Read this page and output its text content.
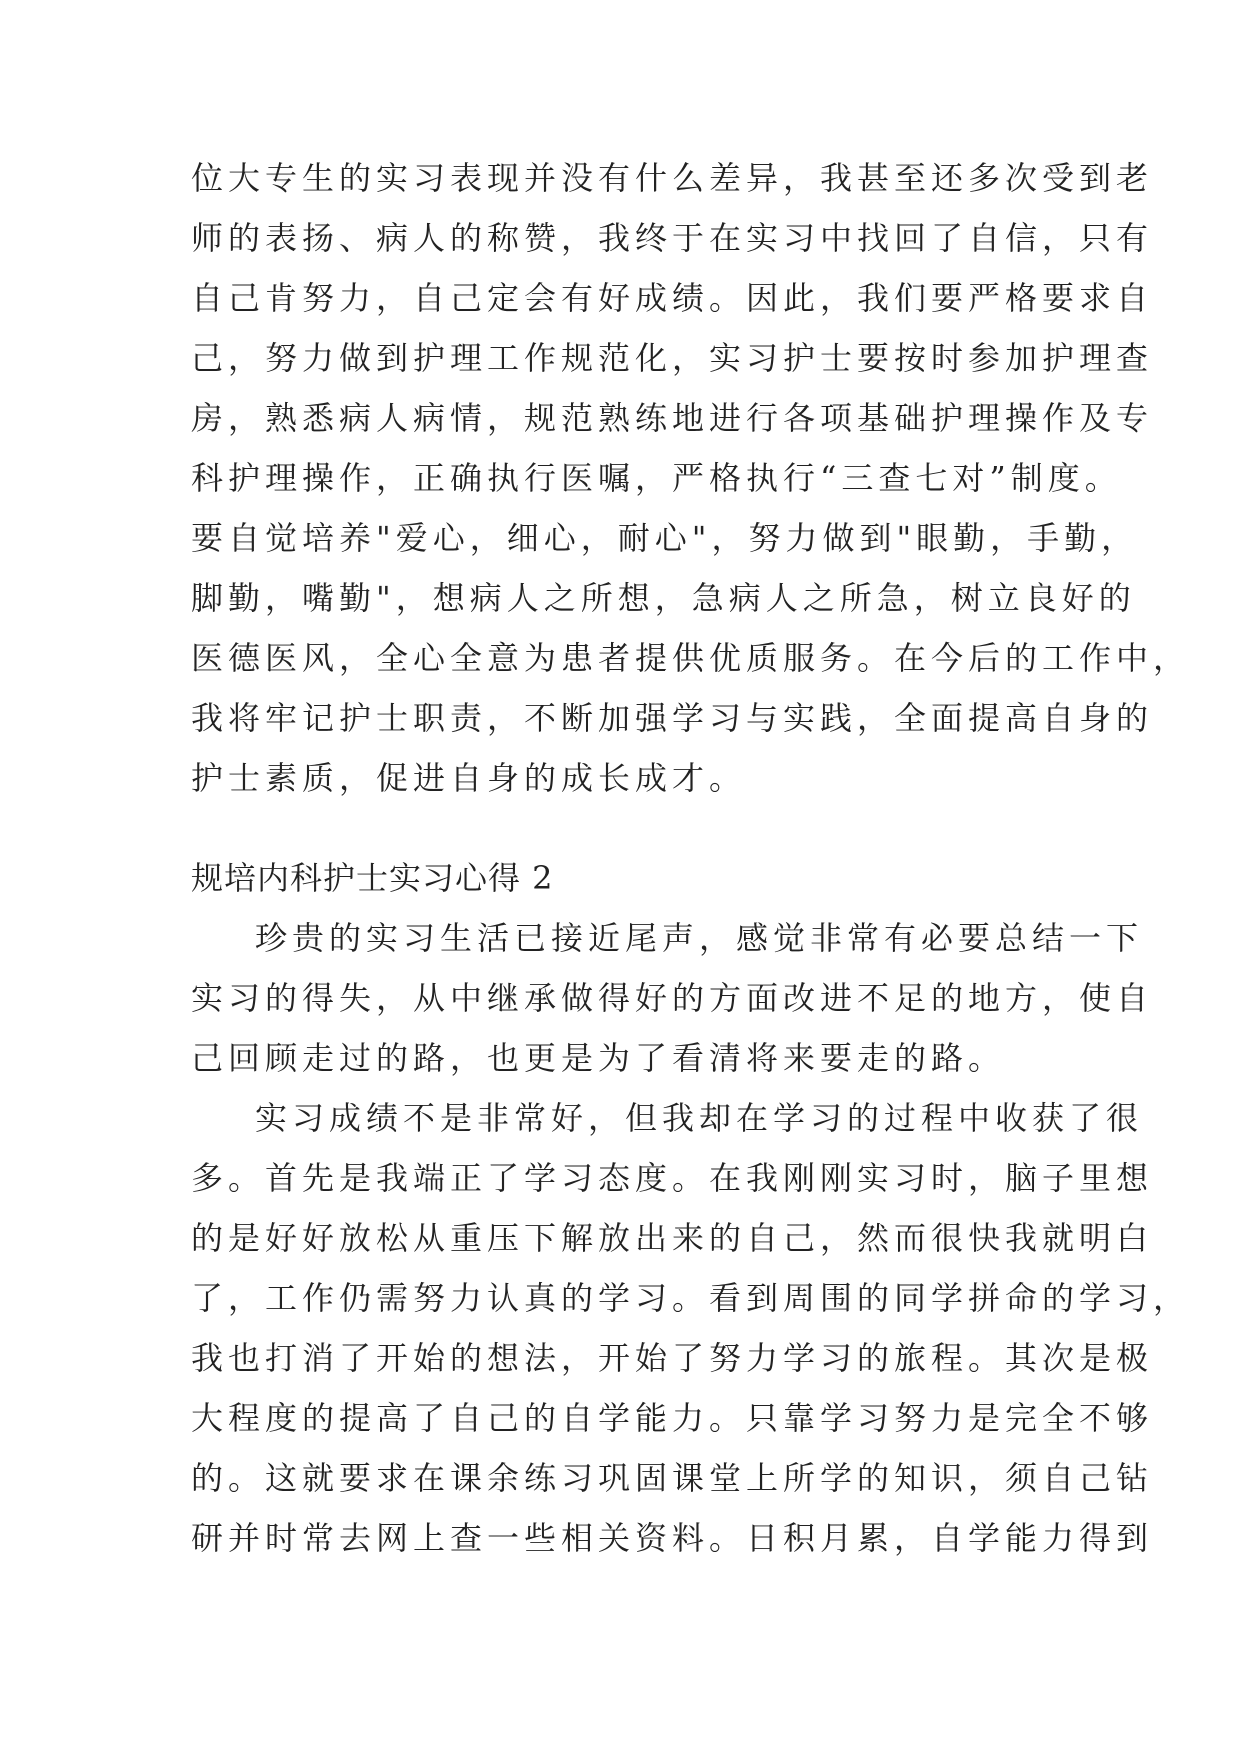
位大专生的实习表现并没有什么差异，我甚至还多次受到老
师的表扬、病人的称赞，我终于在实习中找回了自信，只有
自己肯努力，自己定会有好成绩。因此，我们要严格要求自
己，努力做到护理工作规范化，实习护士要按时参加护理查
房，熟悉病人病情，规范熟练地进行各项基础护理操作及专
科护理操作，正确执行医嘱，严格执行“三查七对”制度。
要自觉培养"爱心，细心，耐心"，努力做到"眼勤，手勤，
脚勤，嘴勤"，想病人之所想，急病人之所急，树立良好的
医德医风，全心全意为患者提供优质服务。在今后的工作中，
我将牢记护士职责，不断加强学习与实践，全面提高自身的
护士素质，促进自身的成长成才。
规培内科护士实习心得 2
珍贵的实习生活已接近尾声，感觉非常有必要总结一下
实习的得失，从中继承做得好的方面改进不足的地方，使自
己回顾走过的路，也更是为了看清将来要走的路。
实习成绩不是非常好，但我却在学习的过程中收获了很
多。首先是我端正了学习态度。在我刚刚实习时，脑子里想
的是好好放松从重压下解放出来的自己，然而很快我就明白
了，工作仍需努力认真的学习。看到周围的同学拼命的学习，
我也打消了开始的想法，开始了努力学习的旅程。其次是极
大程度的提高了自己的自学能力。只靠学习努力是完全不够
的。这就要求在课余练习巩固课堂上所学的知识，须自己钻
研并时常去网上查一些相关资料。日积月累，自学能力得到
